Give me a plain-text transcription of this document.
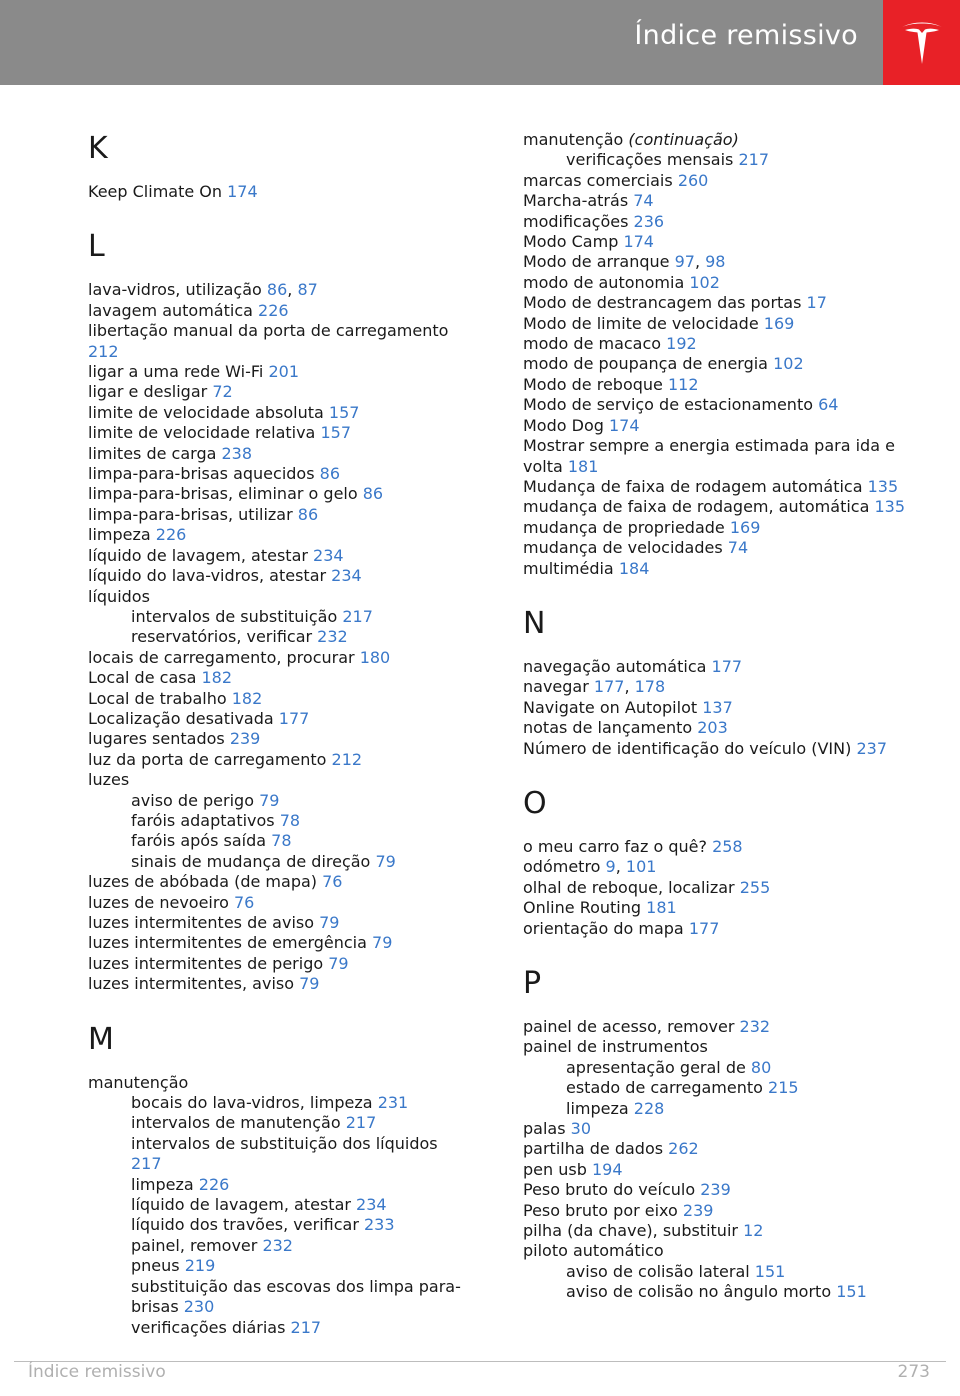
Índice remissivo
K
Keep Climate On 174
L
lava-vidros, utilização 86, 87
lavagem automática 226
libertação manual da porta de carregamento
212
ligar a uma rede Wi-Fi 201
ligar e desligar 72
limite de velocidade absoluta 157
limite de velocidade relativa 157
limites de carga 238
limpa-para-brisas aquecidos 86
limpa-para-brisas, eliminar o gelo 86
limpa-para-brisas, utilizar 86
limpeza 226
líquido de lavagem, atestar 234
líquido do lava-vidros, atestar 234
líquidos
intervalos de substituição 217
reservatórios, verificar 232
locais de carregamento, procurar 180
Local de casa 182
Local de trabalho 182
Localização desativada 177
lugares sentados 239
luz da porta de carregamento 212
luzes
aviso de perigo 79
faróis adaptativos 78
faróis após saída 78
sinais de mudança de direção 79
luzes de abóbada (de mapa) 76
luzes de nevoeiro 76
luzes intermitentes de aviso 79
luzes intermitentes de emergência 79
luzes intermitentes de perigo 79
luzes intermitentes, aviso 79
M
manutenção
bocais do lava-vidros, limpeza 231
intervalos de manutenção 217
intervalos de substituição dos líquidos
217
limpeza 226
líquido de lavagem, atestar 234
líquido dos travões, verificar 233
painel, remover 232
pneus 219
substituição das escovas dos limpa para-brisas 230
verificações diárias 217
manutenção (continuação)
verificações mensais 217
marcas comerciais 260
Marcha-atrás 74
modificações 236
Modo Camp 174
Modo de arranque 97, 98
modo de autonomia 102
Modo de destrancagem das portas 17
Modo de limite de velocidade 169
modo de macaco 192
modo de poupança de energia 102
Modo de reboque 112
Modo de serviço de estacionamento 64
Modo Dog 174
Mostrar sempre a energia estimada para ida e volta 181
Mudança de faixa de rodagem automática 135
mudança de faixa de rodagem, automática 135
mudança de propriedade 169
mudança de velocidades 74
multimédia 184
N
navegação automática 177
navegar 177, 178
Navigate on Autopilot 137
notas de lançamento 203
Número de identificação do veículo (VIN) 237
O
o meu carro faz o quê? 258
odómetro 9, 101
olhal de reboque, localizar 255
Online Routing 181
orientação do mapa 177
P
painel de acesso, remover 232
painel de instrumentos
apresentação geral de 80
estado de carregamento 215
limpeza 228
palas 30
partilha de dados 262
pen usb 194
Peso bruto do veículo 239
Peso bruto por eixo 239
pilha (da chave), substituir 12
piloto automático
aviso de colisão lateral 151
aviso de colisão no ângulo morto 151
Índice remissivo	273
